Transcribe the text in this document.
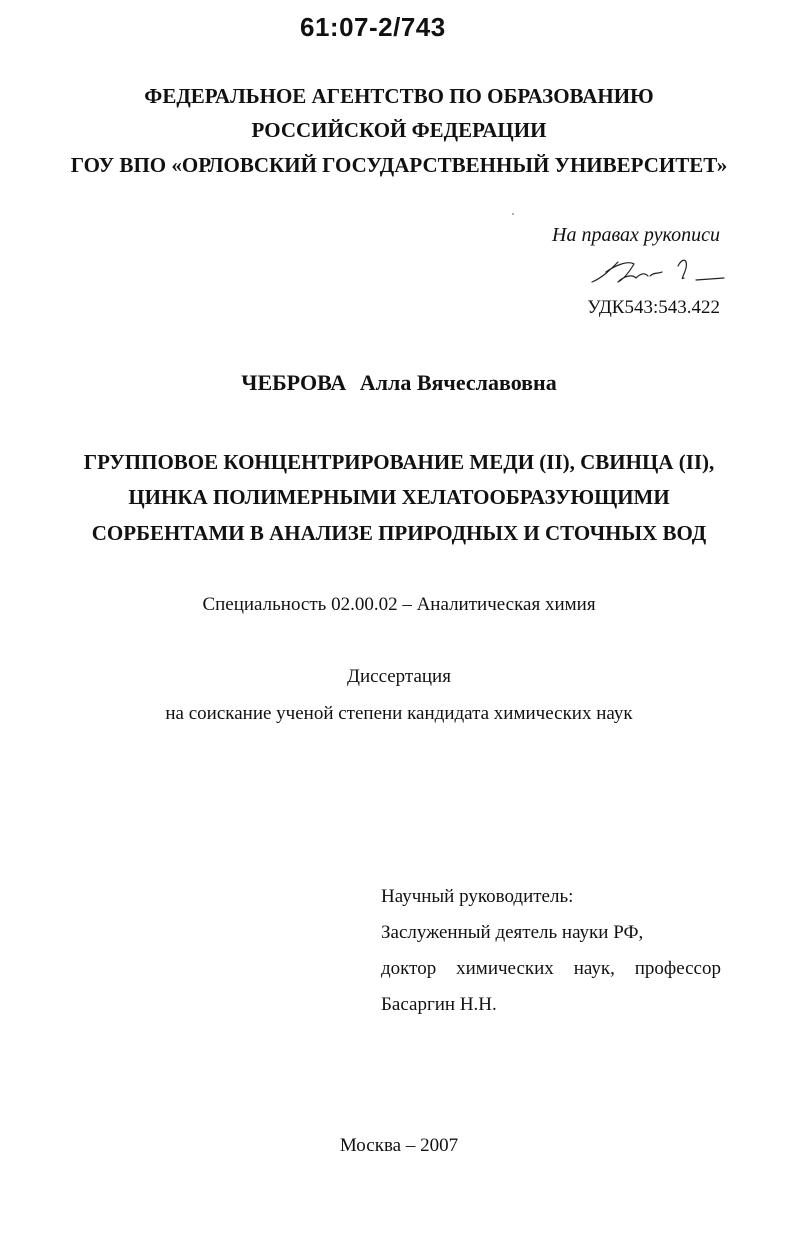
61:07-2/743
ФЕДЕРАЛЬНОЕ АГЕНТСТВО ПО ОБРАЗОВАНИЮ
РОССИЙСКОЙ ФЕДЕРАЦИИ
ГОУ ВПО «ОРЛОВСКИЙ ГОСУДАРСТВЕННЫЙ УНИВЕРСИТЕТ»
На правах рукописи
УДК543:543.422
ЧЕБРОВА Алла Вячеславовна
ГРУППОВОЕ КОНЦЕНТРИРОВАНИЕ МЕДИ (II), СВИНЦА (II),
ЦИНКА ПОЛИМЕРНЫМИ ХЕЛАТООБРАЗУЮЩИМИ
СОРБЕНТАМИ В АНАЛИЗЕ ПРИРОДНЫХ И СТОЧНЫХ ВОД
Специальность 02.00.02 – Аналитическая химия
Диссертация
на соискание ученой степени кандидата химических наук
Научный руководитель:
Заслуженный деятель науки РФ,
доктор химических наук, профессор
Басаргин Н.Н.
Москва – 2007
